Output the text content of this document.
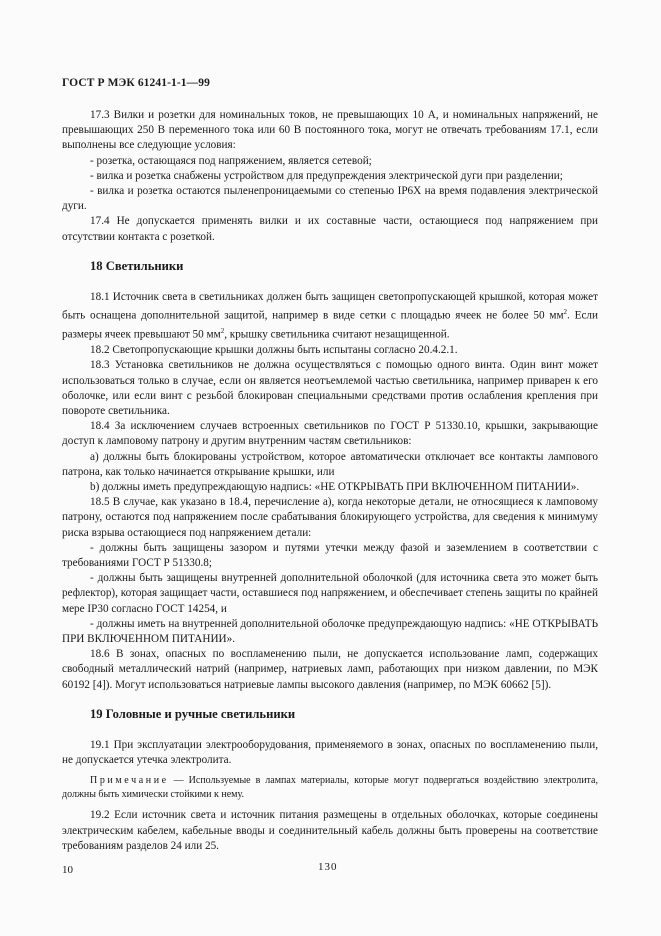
ГОСТ Р МЭК 61241-1-1—99

17.3 Вилки и розетки для номинальных токов, не превышающих 10 А, и номинальных напряжений, не превышающих 250 В переменного тока или 60 В постоянного тока, могут не отвечать требованиям 17.1, если выполнены все следующие условия:

- розетка, остающаяся под напряжением, является сетевой;

- вилка и розетка снабжены устройством для предупреждения электрической дуги при разделении;

- вилка и розетка остаются пыленепроницаемыми со степенью IP6X на время подавления электрической дуги.

17.4 Не допускается применять вилки и их составные части, остающиеся под напряжением при отсутствии контакта с розеткой.

18 Светильники

18.1 Источник света в светильниках должен быть защищен светопропускающей крышкой, которая может быть оснащена дополнительной защитой, например в виде сетки с площадью ячеек не более 50 $мм^2$. Если размеры ячеек превышают 50 $мм^2$, крышку светильника считают незащищенной.

18.2 Светопропускающие крышки должны быть испытаны согласно 20.4.2.1.

18.3 Установка светильников не должна осуществляться с помощью одного винта. Один винт может использоваться только в случае, если он является неотъемлемой частью светильника, например приварен к его оболочке, или если винт с резьбой блокирован специальными средствами против ослабления крепления при повороте светильника.

18.4 За исключением случаев встроенных светильников по ГОСТ Р 51330.10, крышки, закрывающие доступ к ламповому патрону и другим внутренним частям светильников:

а) должны быть блокированы устройством, которое автоматически отключает все контакты лампового патрона, как только начинается открывание крышки, или

b) должны иметь предупреждающую надпись: «НЕ ОТКРЫВАТЬ ПРИ ВКЛЮЧЕННОМ ПИТАНИИ».

18.5 В случае, как указано в 18.4, перечисление а), когда некоторые детали, не относящиеся к ламповому патрону, остаются под напряжением после срабатывания блокирующего устройства, для сведения к минимуму риска взрыва остающиеся под напряжением детали:

- должны быть защищены зазором и путями утечки между фазой и заземлением в соответствии с требованиями ГОСТ Р 51330.8;

- должны быть защищены внутренней дополнительной оболочкой (для источника света это может быть рефлектор), которая защищает части, оставшиеся под напряжением, и обеспечивает степень защиты по крайней мере IP30 согласно ГОСТ 14254, и

- должны иметь на внутренней дополнительной оболочке предупреждающую надпись: «НЕ ОТКРЫВАТЬ ПРИ ВКЛЮЧЕННОМ ПИТАНИИ».

18.6 В зонах, опасных по воспламенению пыли, не допускается использование ламп, содержащих свободный металлический натрий (например, натриевых ламп, работающих при низком давлении, по МЭК 60192 [4]). Могут использоваться натриевые лампы высокого давления (например, по МЭК 60662 [5]).

19 Головные и ручные светильники

19.1 При эксплуатации электрооборудования, применяемого в зонах, опасных по воспламенению пыли, не допускается утечка электролита.

Примечание — Используемые в лампах материалы, которые могут подвергаться воздействию электролита, должны быть химически стойкими к нему.

19.2 Если источник света и источник питания размещены в отдельных оболочках, которые соединены электрическим кабелем, кабельные вводы и соединительный кабель должны быть проверены на соответствие требованиям разделов 24 или 25.

10	130
